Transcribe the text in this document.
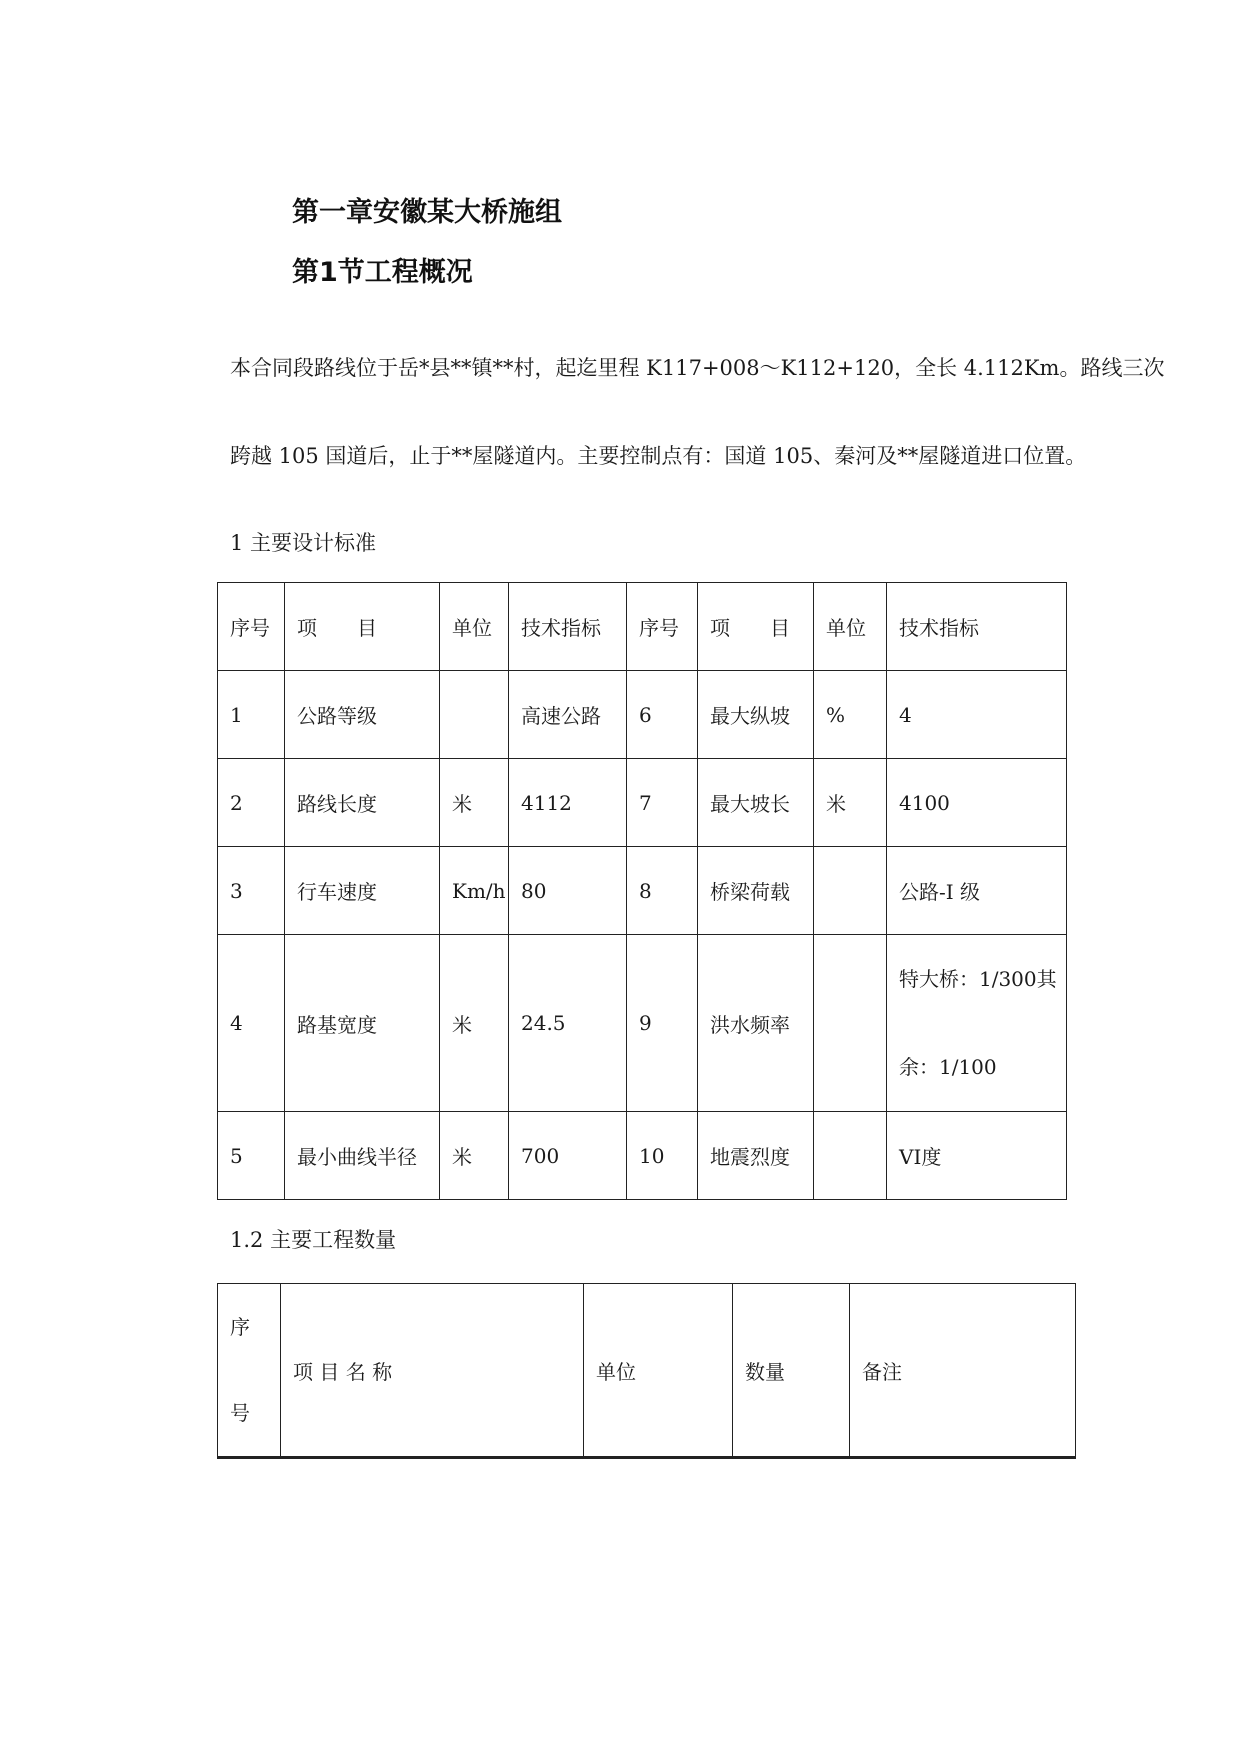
第一章安徽某大桥施组
第1节工程概况
本合同段路线位于岳*县**镇**村，起迄里程 K117+008～K112+120，全长 4.112Km。路线三次
跨越 105 国道后，止于**屋隧道内。主要控制点有：国道 105、秦河及**屋隧道进口位置。
1 主要设计标准
序号	项　　目	单位	技术指标	序号	项　　目	单位	技术指标
1	公路等级		高速公路	6	最大纵坡	%	4
2	路线长度	米	4112	7	最大坡长	米	4100
3	行车速度	Km/h	80	8	桥梁荷载		公路-I 级
4	路基宽度	米	24.5	9	洪水频率		特大桥：1/300其
余：1/100

5	最小曲线半径	米	700	10	地震烈度		VI度
1.2 主要工程数量
序
号
	项 目 名 称	单位	数量	备注
